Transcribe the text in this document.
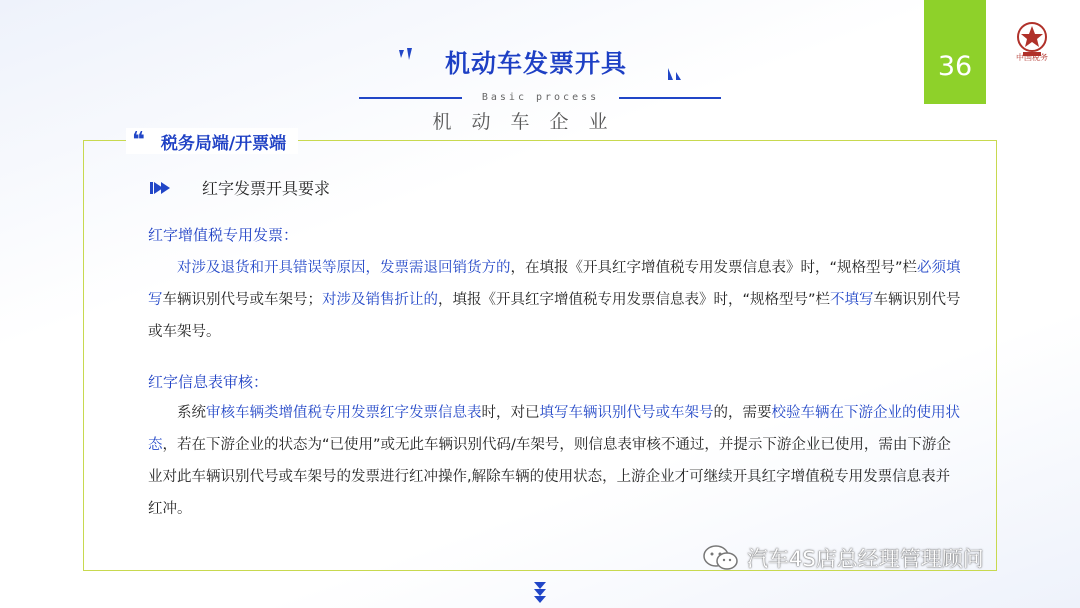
机动车发票开具
Basic process
机动车企业
36	中国税务
❝ 税务局端/开票端
红字发票开具要求
红字增值税专用发票：
对涉及退货和开具错误等原因，发票需退回销货方的，在填报《开具红字增值税专用发票信息表》时，“规格型号”栏必须填写车辆识别代号或车架号；对涉及销售折让的，填报《开具红字增值税专用发票信息表》时，“规格型号”栏不填写车辆识别代号或车架号。
红字信息表审核：
系统审核车辆类增值税专用发票红字发票信息表时，对已填写车辆识别代号或车架号的，需要校验车辆在下游企业的使用状态，若在下游企业的状态为“已使用”或无此车辆识别代码/车架号，则信息表审核不通过，并提示下游企业已使用，需由下游企业对此车辆识别代号或车架号的发票进行红冲操作,解除车辆的使用状态，上游企业才可继续开具红字增值税专用发票信息表并红冲。
汽车4S店总经理管理顾问
